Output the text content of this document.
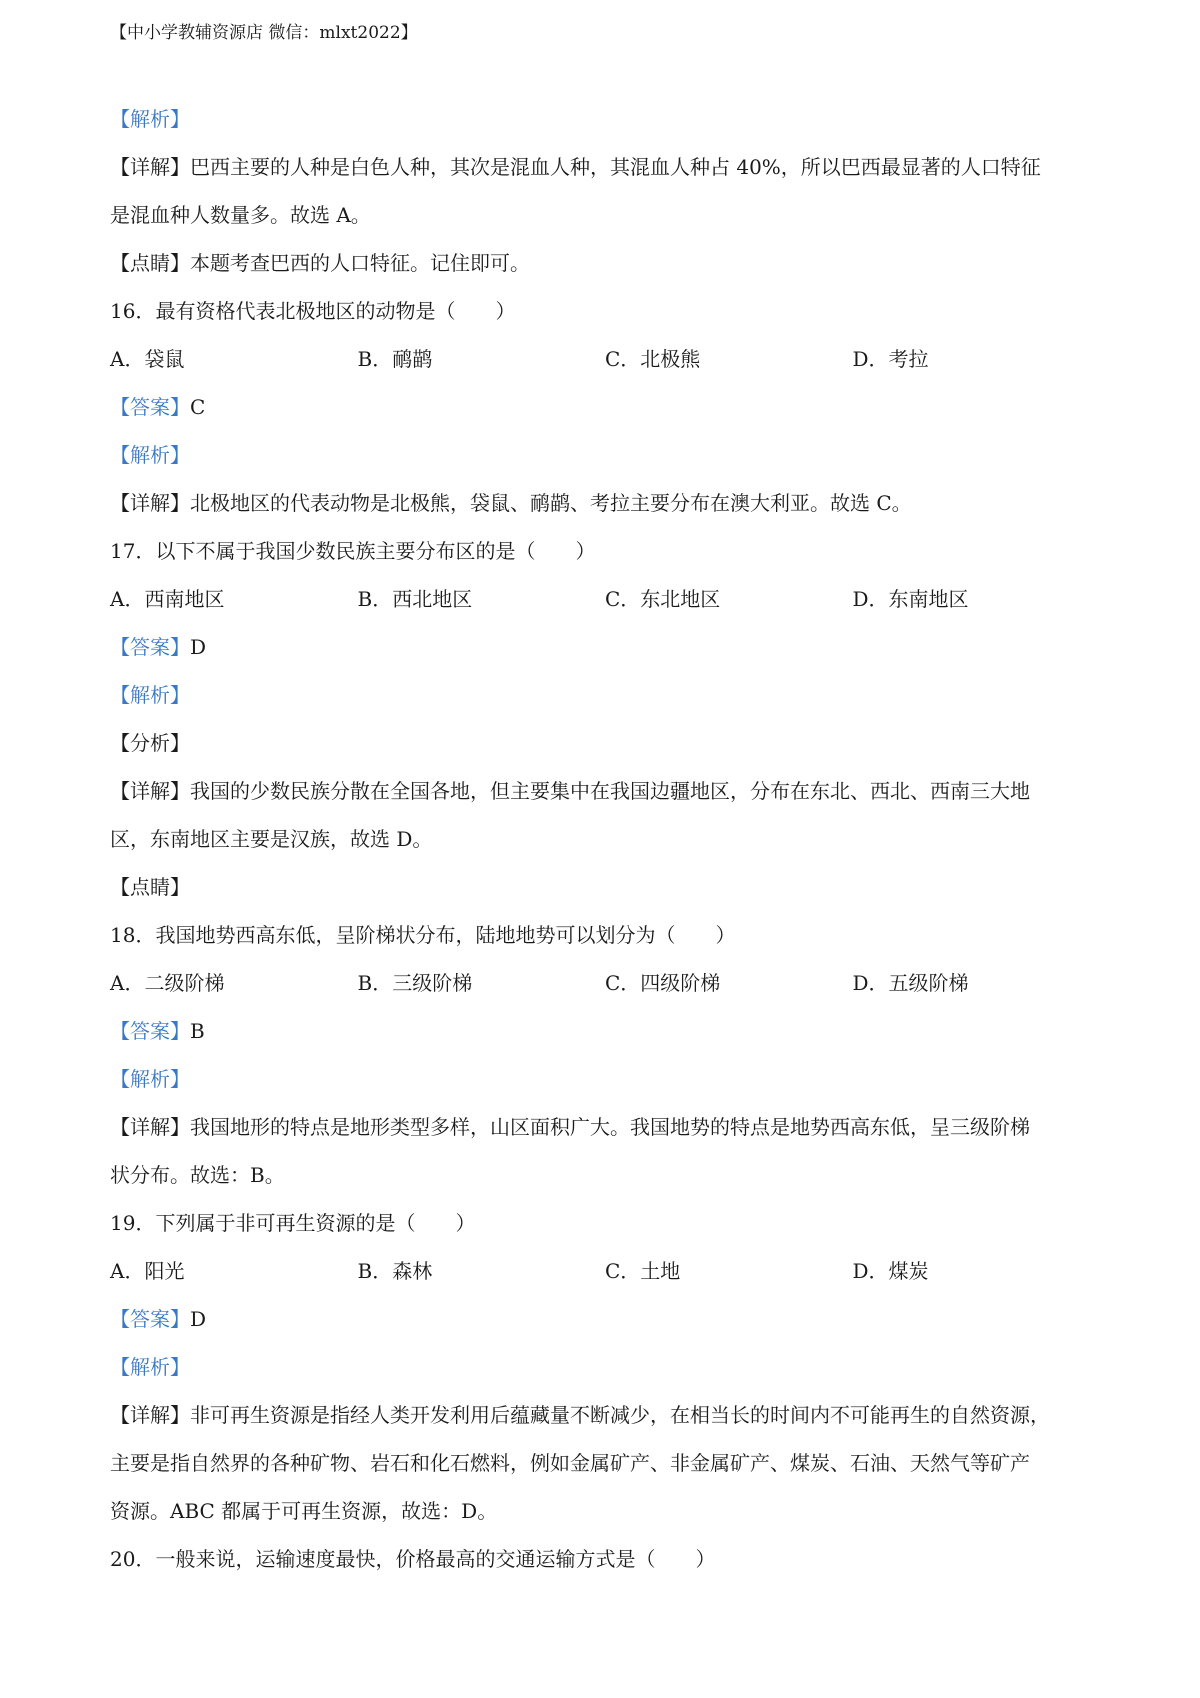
【中小学教辅资源店 微信：mlxt2022】
【解析】
【详解】巴西主要的人种是白色人种，其次是混血人种，其混血人种占 40%，所以巴西最显著的人口特征
是混血种人数量多。故选 A。
【点睛】本题考查巴西的人口特征。记住即可。
16．最有资格代表北极地区的动物是（　　）
A．袋鼠	B．鸸鹋	C．北极熊	D．考拉
【答案】C
【解析】
【详解】北极地区的代表动物是北极熊，袋鼠、鸸鹋、考拉主要分布在澳大利亚。故选 C。
17．以下不属于我国少数民族主要分布区的是（　　）
A．西南地区	B．西北地区	C．东北地区	D．东南地区
【答案】D
【解析】
【分析】
【详解】我国的少数民族分散在全国各地，但主要集中在我国边疆地区，分布在东北、西北、西南三大地
区，东南地区主要是汉族，故选 D。
【点睛】
18．我国地势西高东低，呈阶梯状分布，陆地地势可以划分为（　　）
A．二级阶梯	B．三级阶梯	C．四级阶梯	D．五级阶梯
【答案】B
【解析】
【详解】我国地形的特点是地形类型多样，山区面积广大。我国地势的特点是地势西高东低，呈三级阶梯
状分布。故选：B。
19．下列属于非可再生资源的是（　　）
A．阳光	B．森林	C．土地	D．煤炭
【答案】D
【解析】
【详解】非可再生资源是指经人类开发利用后蕴藏量不断减少，在相当长的时间内不可能再生的自然资源，
主要是指自然界的各种矿物、岩石和化石燃料，例如金属矿产、非金属矿产、煤炭、石油、天然气等矿产
资源。ABC 都属于可再生资源，故选：D。
20．一般来说，运输速度最快，价格最高的交通运输方式是（　　）
